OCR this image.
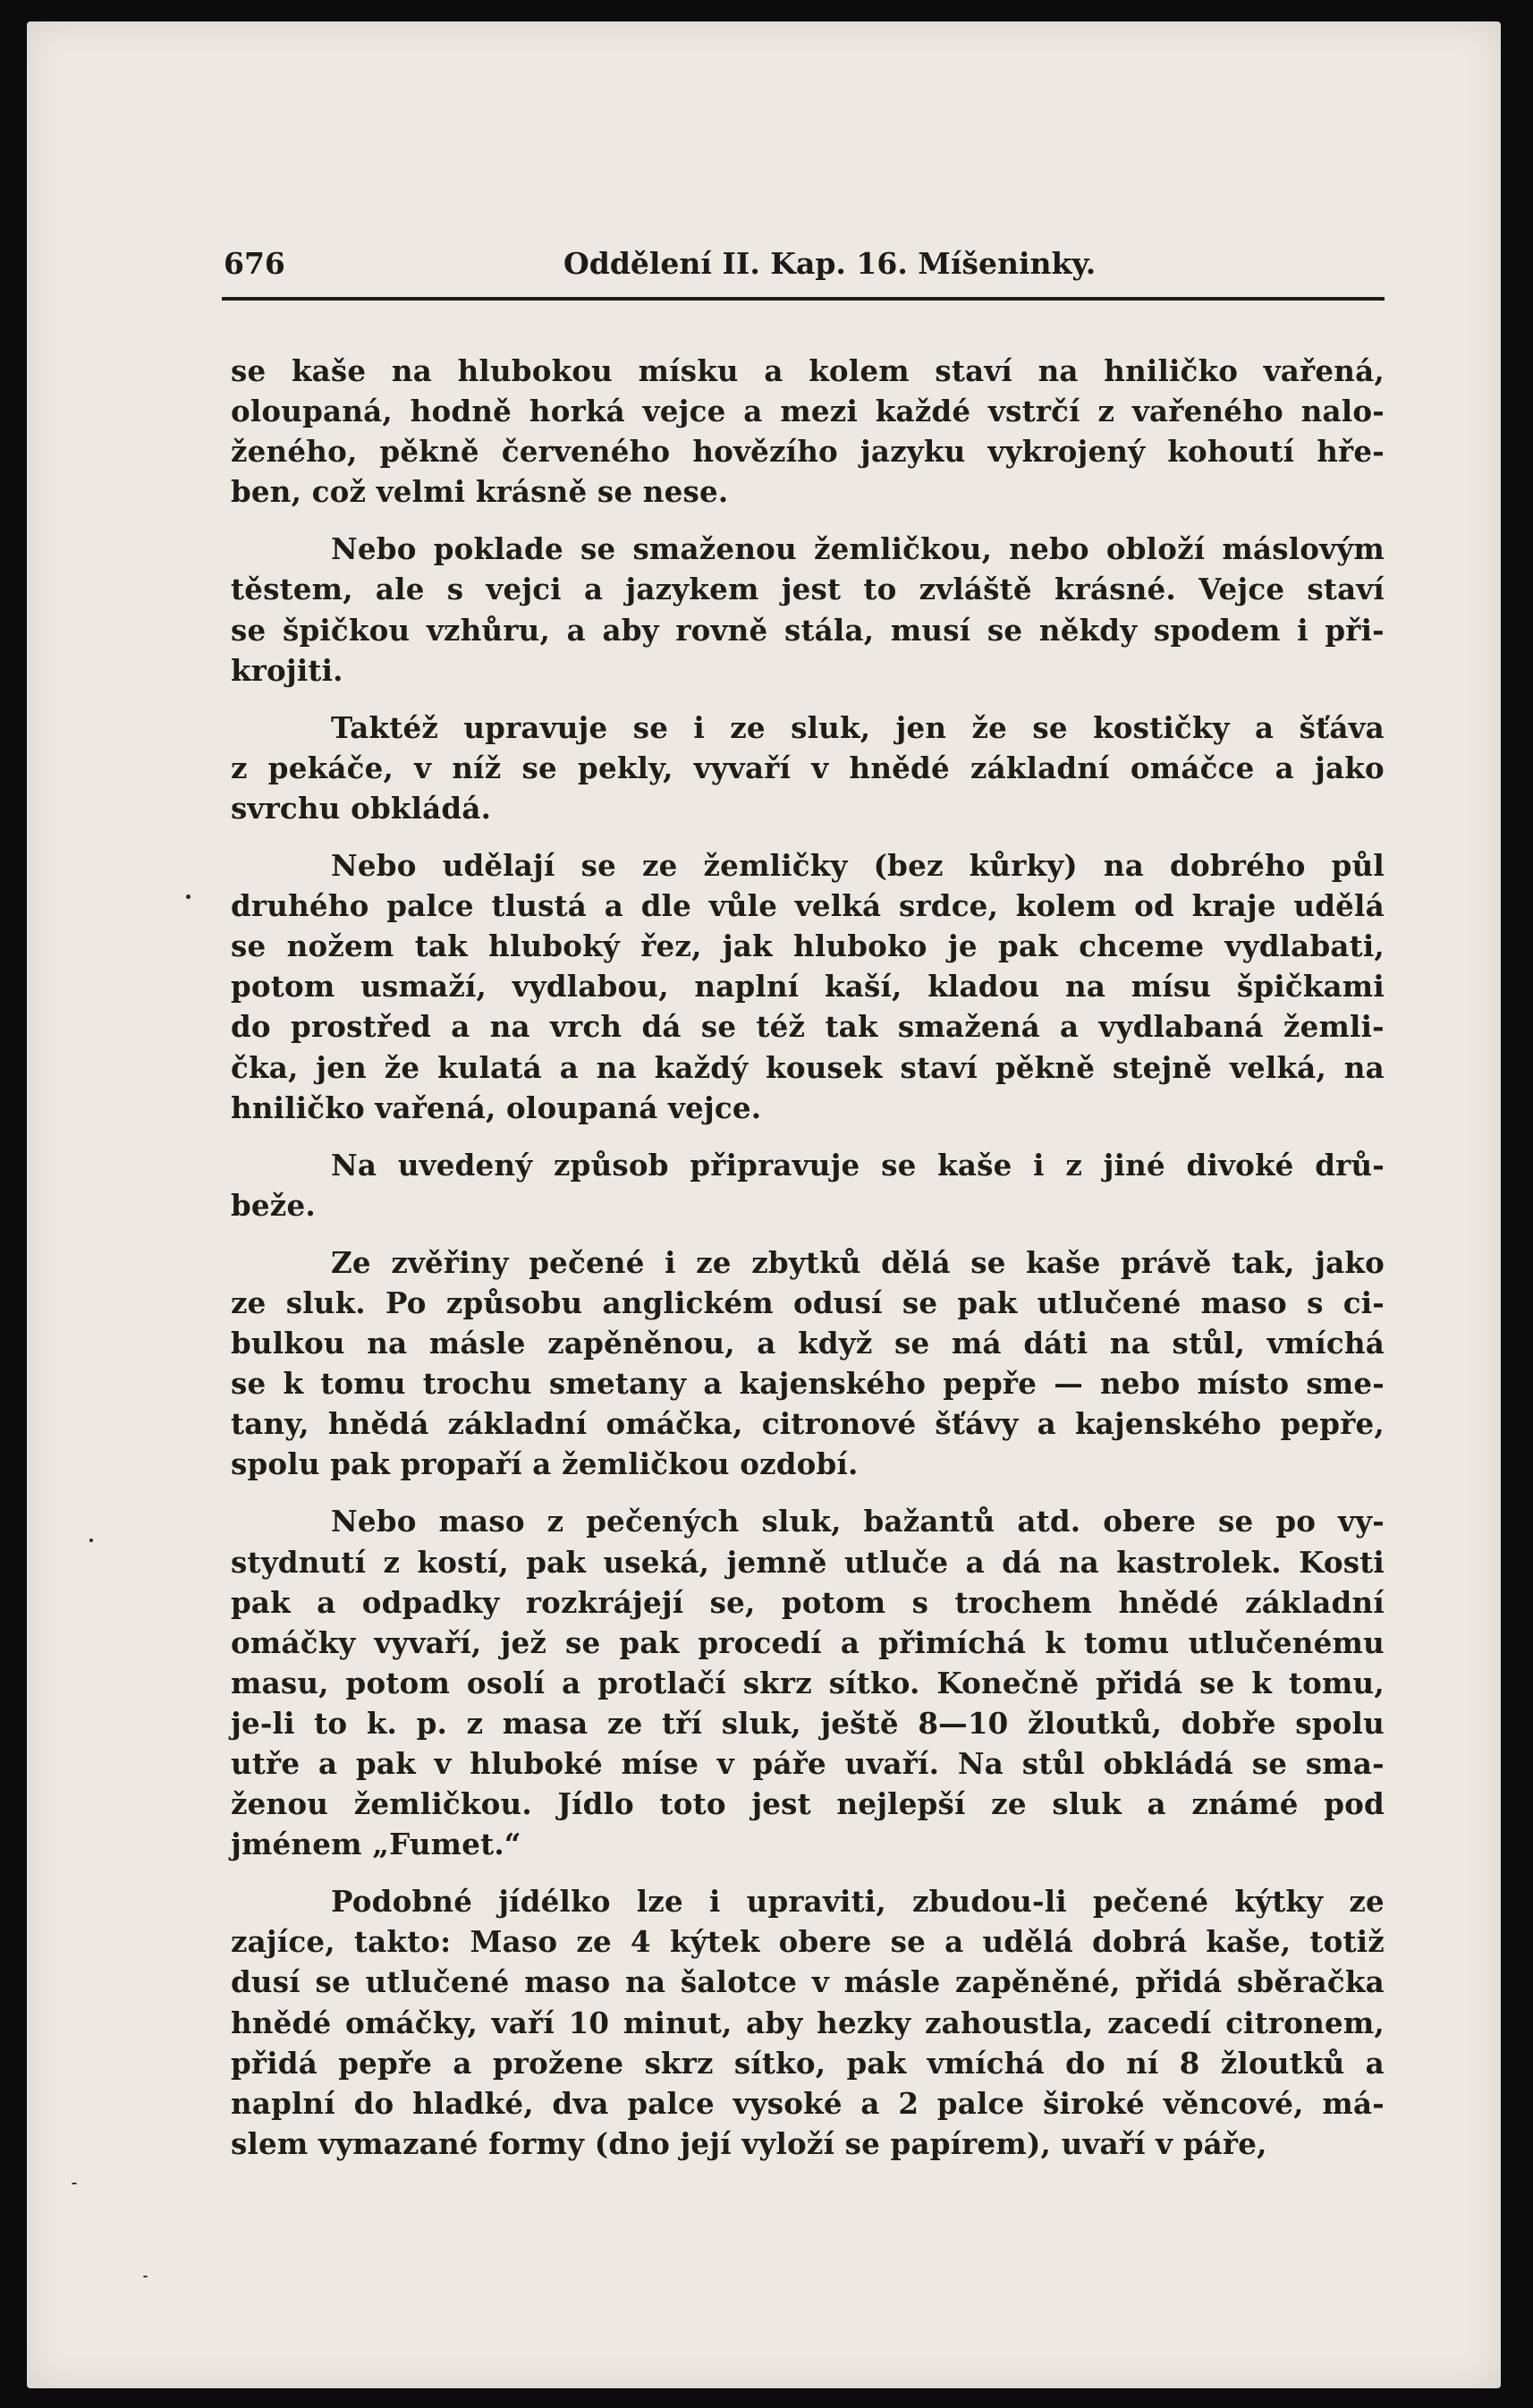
676	Oddělení II. Kap. 16. Míšeninky.
se kaše na hlubokou mísku a kolem staví na hniličko vařená,
oloupaná, hodně horká vejce a mezi každé vstrčí z vařeného nalo-
ženého, pěkně červeného hovězího jazyku vykrojený kohoutí hře-
ben, což velmi krásně se nese.
Nebo poklade se smaženou žemličkou, nebo obloží máslovým
těstem, ale s vejci a jazykem jest to zvláště krásné. Vejce staví
se špičkou vzhůru, a aby rovně stála, musí se někdy spodem i při-
krojiti.
Taktéž upravuje se i ze sluk, jen že se kostičky a šťáva
z pekáče, v níž se pekly, vyvaří v hnědé základní omáčce a jako
svrchu obkládá.
Nebo udělají se ze žemličky (bez kůrky) na dobrého půl
druhého palce tlustá a dle vůle velká srdce, kolem od kraje udělá
se nožem tak hluboký řez, jak hluboko je pak chceme vydlabati,
potom usmaží, vydlabou, naplní kaší, kladou na mísu špičkami
do prostřed a na vrch dá se též tak smažená a vydlabaná žemli-
čka, jen že kulatá a na každý kousek staví pěkně stejně velká, na
hniličko vařená, oloupaná vejce.
Na uvedený způsob připravuje se kaše i z jiné divoké drů-
beže.
Ze zvěřiny pečené i ze zbytků dělá se kaše právě tak, jako
ze sluk. Po způsobu anglickém odusí se pak utlučené maso s ci-
bulkou na másle zapěněnou, a když se má dáti na stůl, vmíchá
se k tomu trochu smetany a kajenského pepře — nebo místo sme-
tany, hnědá základní omáčka, citronové šťávy a kajenského pepře,
spolu pak propaří a žemličkou ozdobí.
Nebo maso z pečených sluk, bažantů atd. obere se po vy-
stydnutí z kostí, pak useká, jemně utluče a dá na kastrolek. Kosti
pak a odpadky rozkrájejí se, potom s trochem hnědé základní
omáčky vyvaří, jež se pak procedí a přimíchá k tomu utlučenému
masu, potom osolí a protlačí skrz sítko. Konečně přidá se k tomu,
je-li to k. p. z masa ze tří sluk, ještě 8—10 žloutků, dobře spolu
utře a pak v hluboké míse v páře uvaří. Na stůl obkládá se sma-
ženou žemličkou. Jídlo toto jest nejlepší ze sluk a známé pod
jménem „Fumet.“
Podobné jídélko lze i upraviti, zbudou-li pečené kýtky ze
zajíce, takto: Maso ze 4 kýtek obere se a udělá dobrá kaše, totiž
dusí se utlučené maso na šalotce v másle zapěněné, přidá sběračka
hnědé omáčky, vaří 10 minut, aby hezky zahoustla, zacedí citronem,
přidá pepře a prožene skrz sítko, pak vmíchá do ní 8 žloutků a
naplní do hladké, dva palce vysoké a 2 palce široké věncové, má-
slem vymazané formy (dno její vyloží se papírem), uvaří v páře,
